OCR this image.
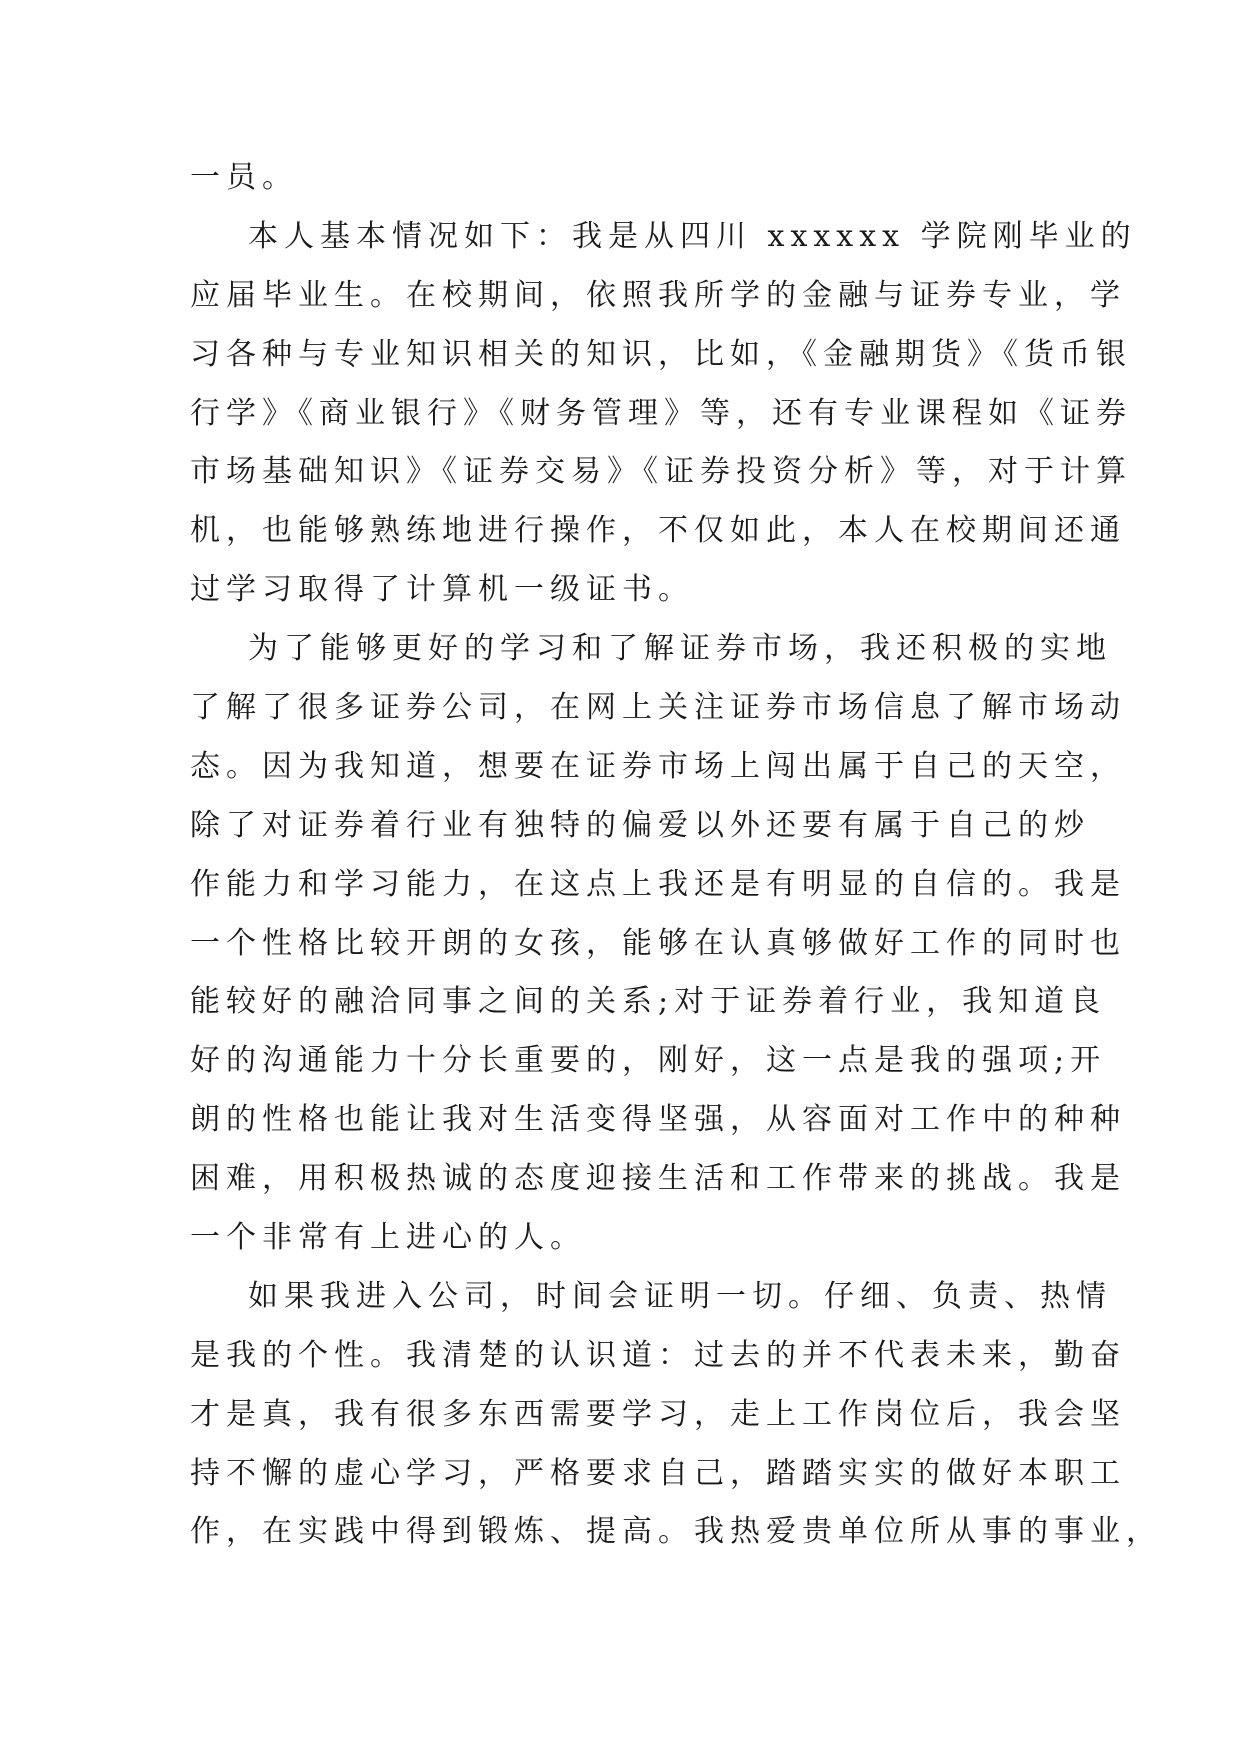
一员。
本人基本情况如下：我是从四川 xxxxxx 学院刚毕业的
应届毕业生。在校期间，依照我所学的金融与证券专业，学
习各种与专业知识相关的知识，比如，《金融期货》《货币银
行学》《商业银行》《财务管理》等，还有专业课程如《证券
市场基础知识》《证券交易》《证券投资分析》等，对于计算
机，也能够熟练地进行操作，不仅如此，本人在校期间还通
过学习取得了计算机一级证书。
为了能够更好的学习和了解证券市场，我还积极的实地
了解了很多证券公司，在网上关注证券市场信息了解市场动
态。因为我知道，想要在证券市场上闯出属于自己的天空，
除了对证券着行业有独特的偏爱以外还要有属于自己的炒
作能力和学习能力，在这点上我还是有明显的自信的。我是
一个性格比较开朗的女孩，能够在认真够做好工作的同时也
能较好的融洽同事之间的关系;对于证券着行业，我知道良
好的沟通能力十分长重要的，刚好，这一点是我的强项;开
朗的性格也能让我对生活变得坚强，从容面对工作中的种种
困难，用积极热诚的态度迎接生活和工作带来的挑战。我是
一个非常有上进心的人。
如果我进入公司，时间会证明一切。仔细、负责、热情
是我的个性。我清楚的认识道：过去的并不代表未来，勤奋
才是真，我有很多东西需要学习，走上工作岗位后，我会坚
持不懈的虚心学习，严格要求自己，踏踏实实的做好本职工
作，在实践中得到锻炼、提高。我热爱贵单位所从事的事业，
